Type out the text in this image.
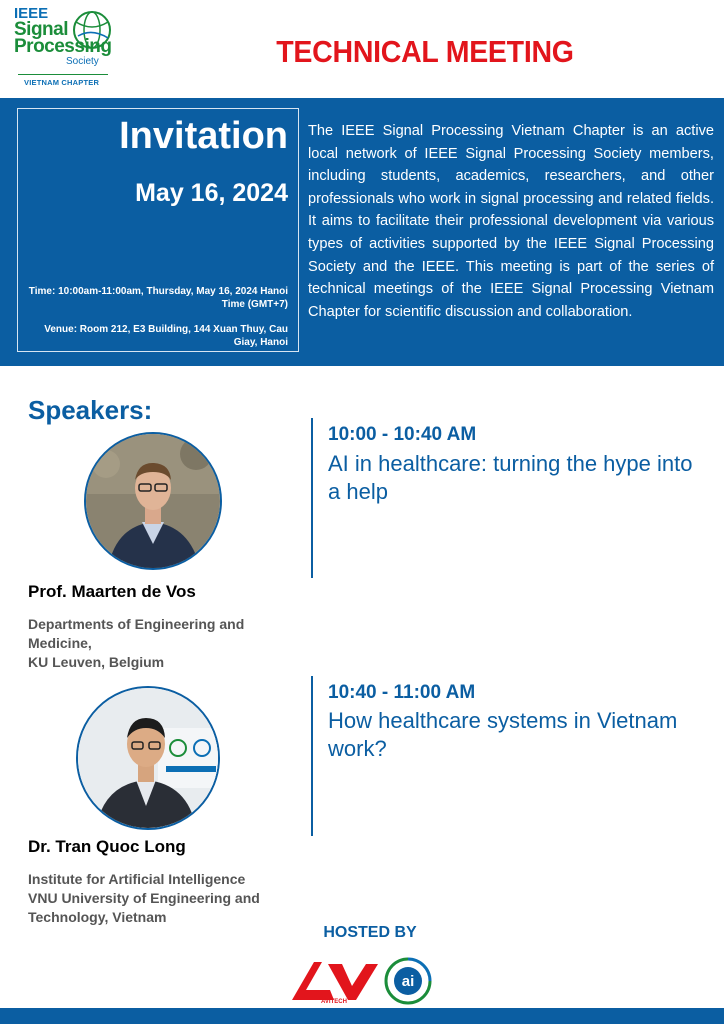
IEEE
Signal
Processing
Society
VIETNAM CHAPTER
TECHNICAL MEETING
Invitation
May 16, 2024
Time: 10:00am-11:00am, Thursday, May 16, 2024 Hanoi Time (GMT+7)
Venue: Room 212, E3 Building, 144 Xuan Thuy, Cau Giay, Hanoi
The IEEE Signal Processing Vietnam Chapter is an active local network of IEEE Signal Processing Society members, including students, academics, researchers, and other professionals who work in signal processing and related fields. It aims to facilitate their professional development via various types of activities supported by the IEEE Signal Processing Society and the IEEE. This meeting is part of the series of technical meetings of the IEEE Signal Processing Vietnam Chapter for scientific discussion and collaboration.
Speakers:
Prof. Maarten de Vos
Departments of Engineering and Medicine,
KU Leuven, Belgium
10:00 - 10:40 AM
AI in healthcare: turning the hype into a help
Dr. Tran Quoc Long
Institute for Artificial Intelligence
VNU University of Engineering and Technology, Vietnam
10:40 - 11:00 AM
How healthcare systems in Vietnam work?
HOSTED BY
AVITECH
ai
